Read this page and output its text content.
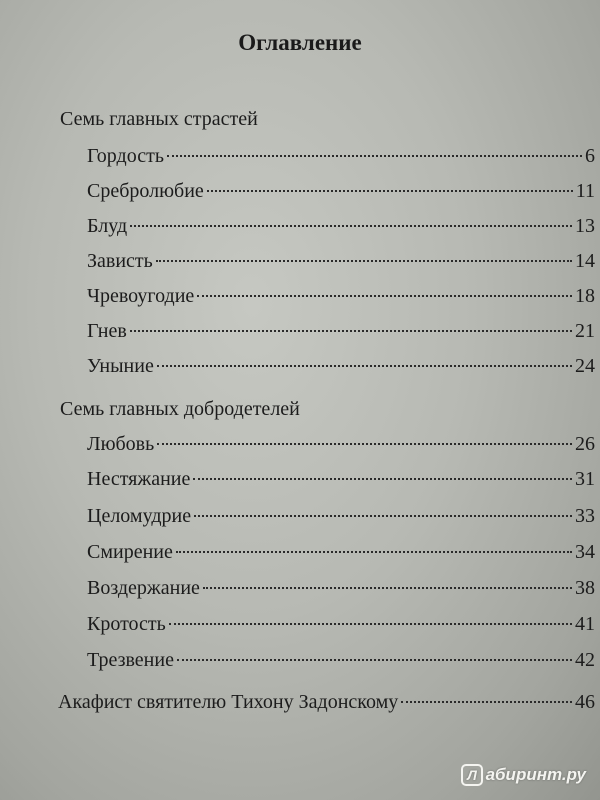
Оглавление
Семь главных страстей
Гордость	6
Сребролюбие	11
Блуд	13
Зависть	14
Чревоугодие	18
Гнев	21
Уныние	24
Семь главных добродетелей
Любовь	26
Нестяжание	31
Целомудрие	33
Смирение	34
Воздержание	38
Кротость	41
Трезвение	42
Акафист святителю Тихону Задонскому	46
Л абиринт.ру
